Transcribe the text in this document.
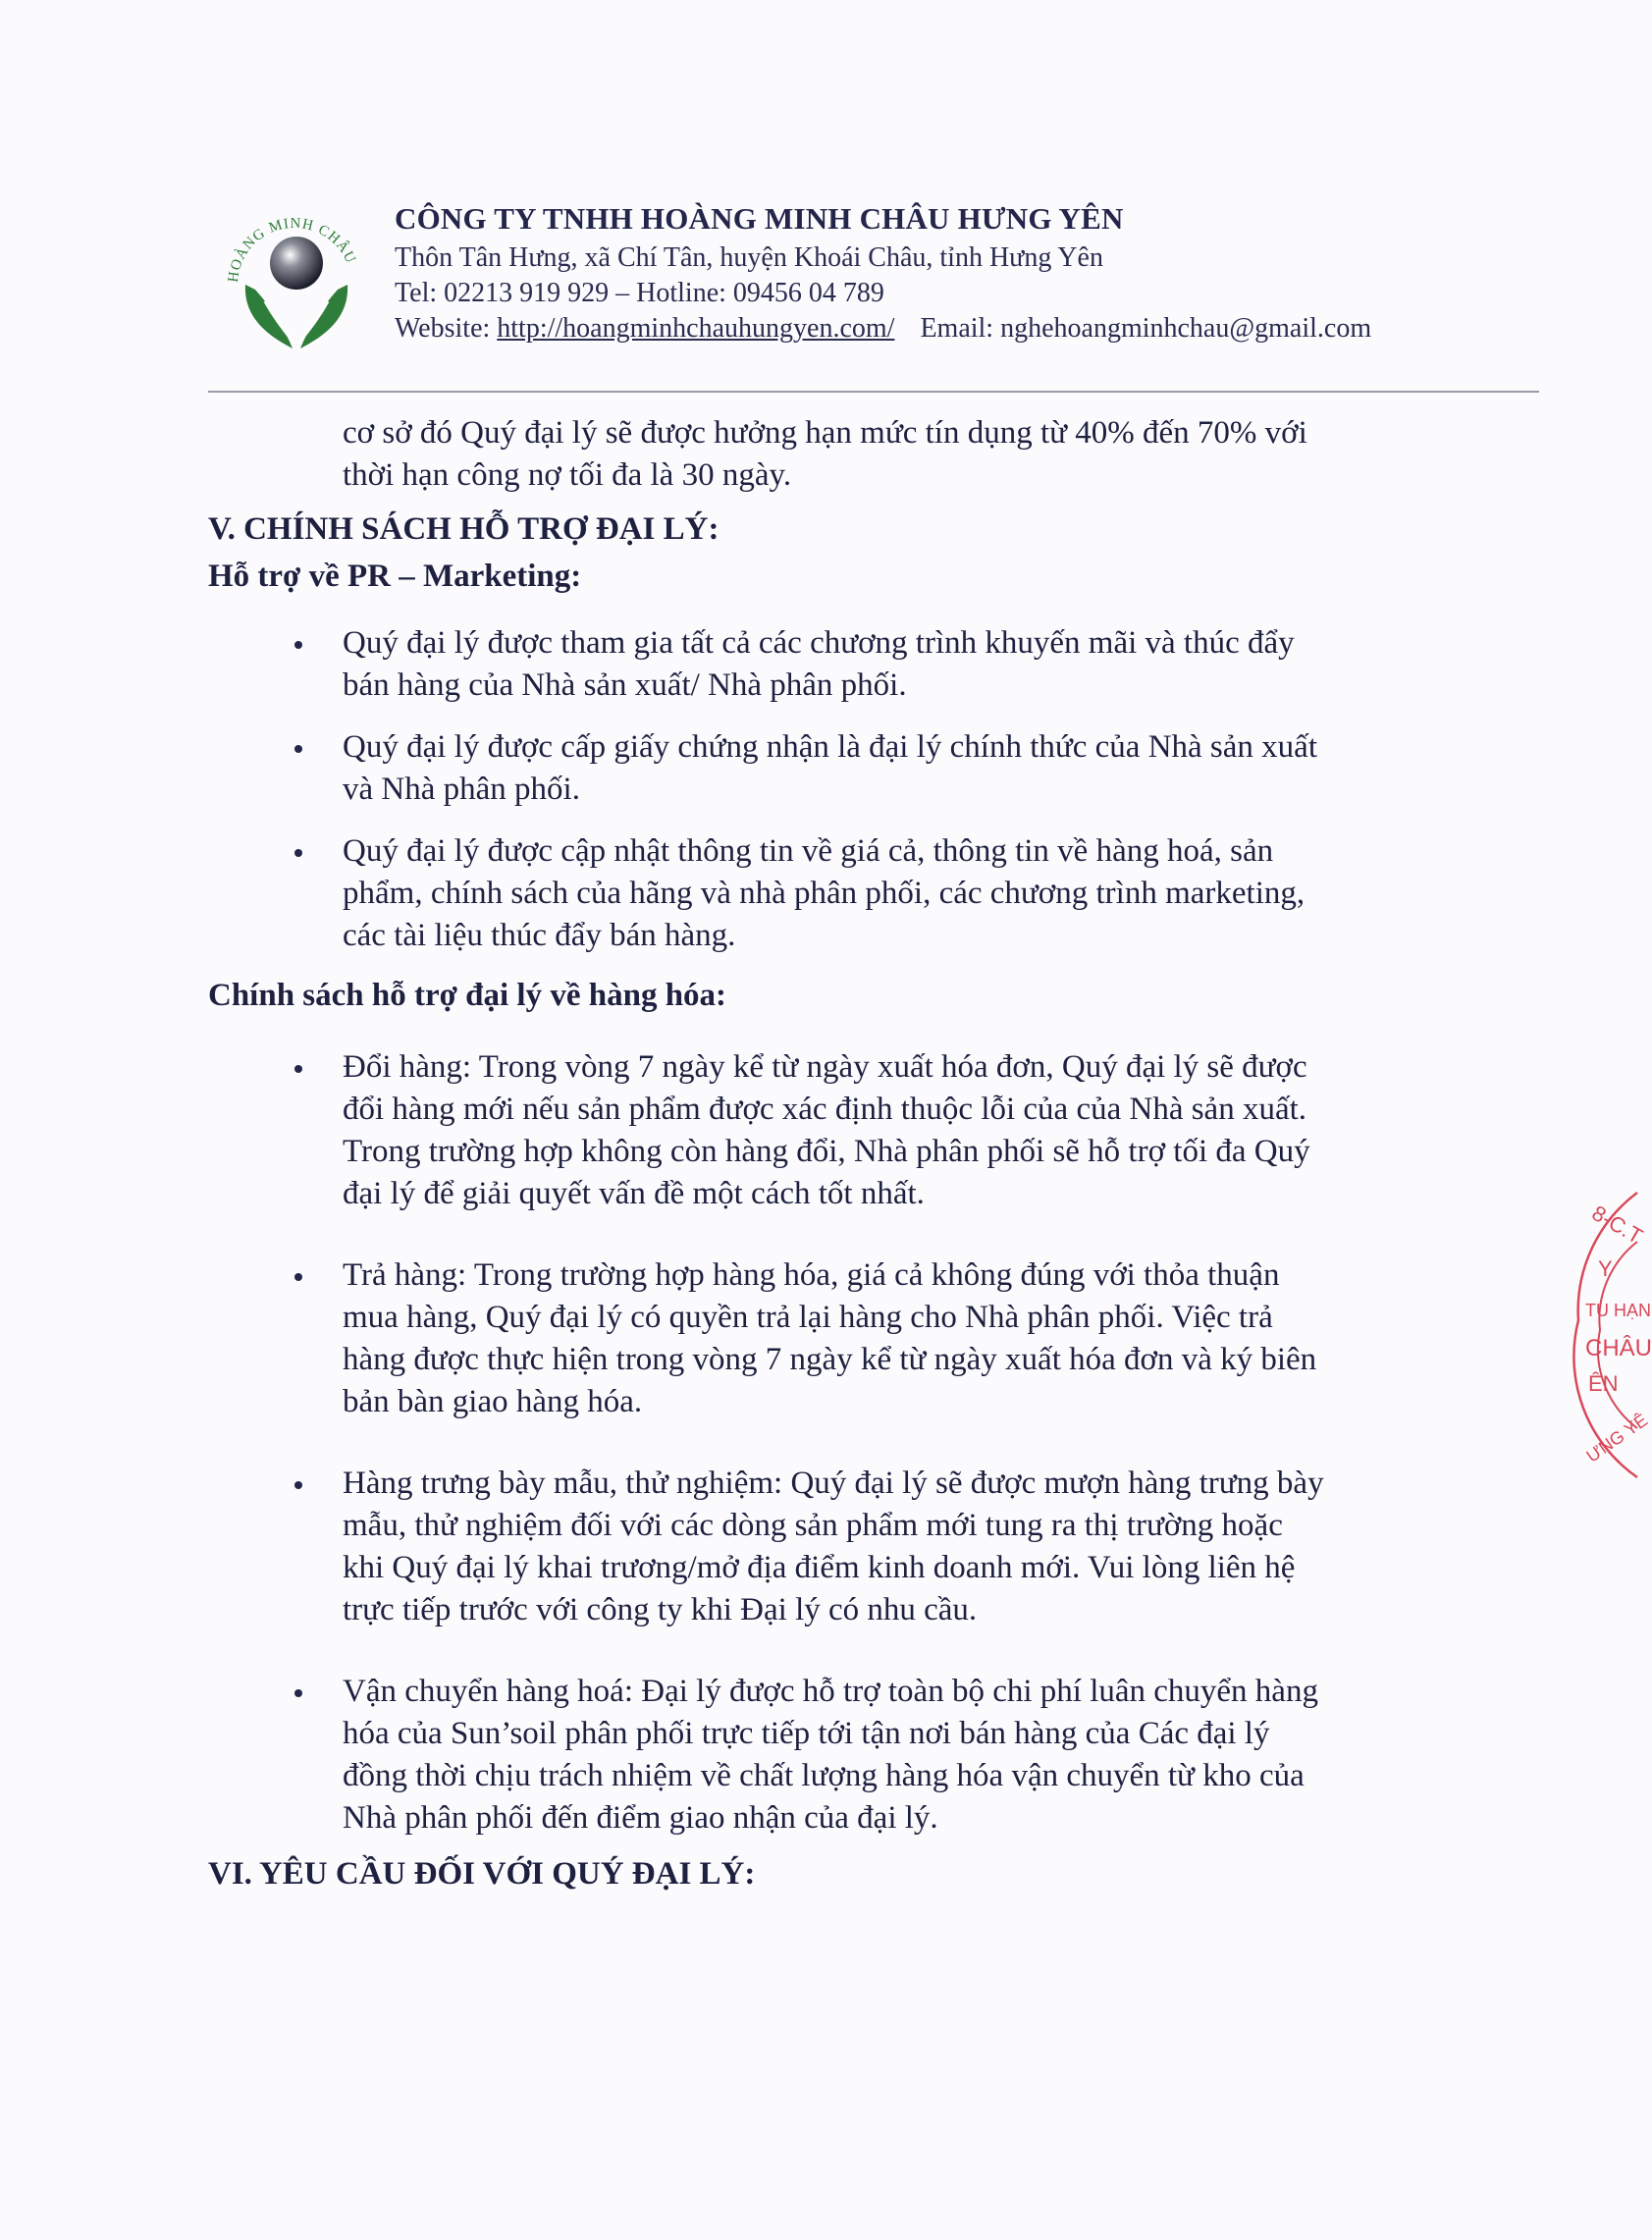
HOÀNG MINH CHÂU
CÔNG TY TNHH HOÀNG MINH CHÂU HƯNG YÊN
Thôn Tân Hưng, xã Chí Tân, huyện Khoái Châu, tỉnh Hưng Yên
Tel: 02213 919 929 – Hotline: 09456 04 789
Website: http://hoangminhchauhungyen.com/ Email: nghehoangminhchau@gmail.com

cơ sở đó Quý đại lý sẽ được hưởng hạn mức tín dụng từ 40% đến 70% với
thời hạn công nợ tối đa là 30 ngày.

V. CHÍNH SÁCH HỖ TRỢ ĐẠI LÝ:
Hỗ trợ về PR – Marketing:
Quý đại lý được tham gia tất cả các chương trình khuyến mãi và thúc đẩy
bán hàng của Nhà sản xuất/ Nhà phân phối.
Quý đại lý được cấp giấy chứng nhận là đại lý chính thức của Nhà sản xuất
và Nhà phân phối.
Quý đại lý được cập nhật thông tin về giá cả, thông tin về hàng hoá, sản
phẩm, chính sách của hãng và nhà phân phối, các chương trình marketing,
các tài liệu thúc đẩy bán hàng.
Chính sách hỗ trợ đại lý về hàng hóa:
Đổi hàng: Trong vòng 7 ngày kể từ ngày xuất hóa đơn, Quý đại lý sẽ được
đổi hàng mới nếu sản phẩm được xác định thuộc lỗi của của Nhà sản xuất.
Trong trường hợp không còn hàng đổi, Nhà phân phối sẽ hỗ trợ tối đa Quý
đại lý để giải quyết vấn đề một cách tốt nhất.
Trả hàng: Trong trường hợp hàng hóa, giá cả không đúng với thỏa thuận
mua hàng, Quý đại lý có quyền trả lại hàng cho Nhà phân phối. Việc trả
hàng được thực hiện trong vòng 7 ngày kể từ ngày xuất hóa đơn và ký biên
bản bàn giao hàng hóa.
Hàng trưng bày mẫu, thử nghiệm: Quý đại lý sẽ được mượn hàng trưng bày
mẫu, thử nghiệm đối với các dòng sản phẩm mới tung ra thị trường hoặc
khi Quý đại lý khai trương/mở địa điểm kinh doanh mới. Vui lòng liên hệ
trực tiếp trước với công ty khi Đại lý có nhu cầu.
Vận chuyển hàng hoá: Đại lý được hỗ trợ toàn bộ chi phí luân chuyển hàng
hóa của Sun’soil phân phối trực tiếp tới tận nơi bán hàng của Các đại lý
đồng thời chịu trách nhiệm về chất lượng hàng hóa vận chuyển từ kho của
Nhà phân phối đến điểm giao nhận của đại lý.
VI. YÊU CẦU ĐỐI VỚI QUÝ ĐẠI LÝ:
8-C.T
Y
TU HẠN
CHÂU
ÊN
ƯNG YÊ
